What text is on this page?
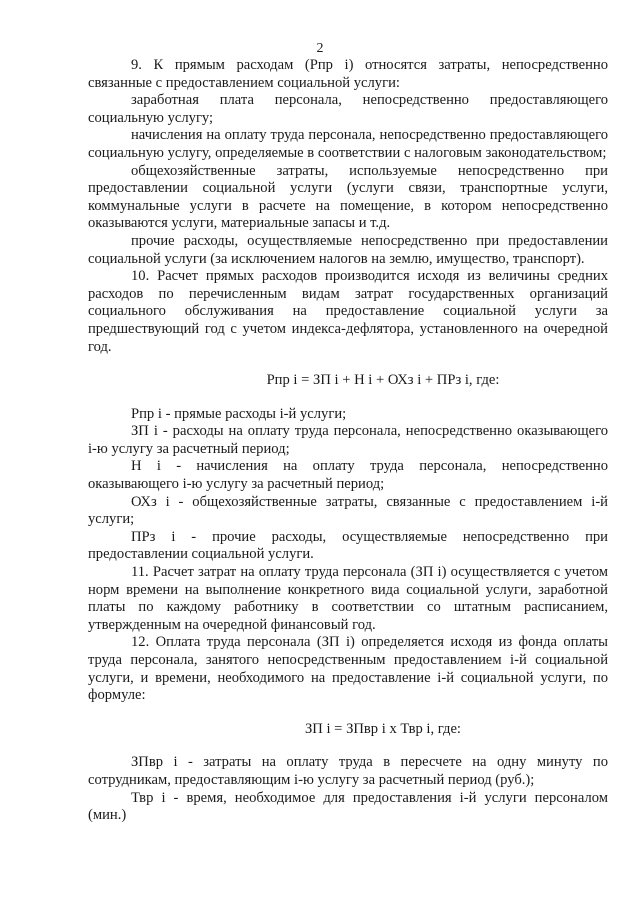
2

9. К прямым расходам (Рпр i) относятся затраты, непосредственно связанные с предоставлением социальной услуги:

заработная плата персонала, непосредственно предоставляющего социальную услугу;

начисления на оплату труда персонала, непосредственно предоставляющего социальную услугу, определяемые в соответствии с налоговым законодательством;

общехозяйственные затраты, используемые непосредственно при предоставлении социальной услуги (услуги связи, транспортные услуги, коммунальные услуги в расчете на помещение, в котором непосредственно оказываются услуги, материальные запасы и т.д.

прочие расходы, осуществляемые непосредственно при предоставлении социальной услуги (за исключением налогов на землю, имущество, транспорт).

10. Расчет прямых расходов производится исходя из величины средних расходов по перечисленным видам затрат государственных организаций социального обслуживания на предоставление социальной услуги за предшествующий год с учетом индекса-дефлятора, установленного на очередной год.

Рпр i = ЗП i + Н i + ОХз i + ПРз i, где:

Рпр i - прямые расходы i-й услуги;

ЗП i - расходы на оплату труда персонала, непосредственно оказывающего i-ю услугу за расчетный период;

Н i - начисления на оплату труда персонала, непосредственно оказывающего i-ю услугу за расчетный период;

ОХз i - общехозяйственные затраты, связанные с предоставлением i-й услуги;

ПРз i - прочие расходы, осуществляемые непосредственно при предоставлении социальной услуги.

11. Расчет затрат на оплату труда персонала (ЗП i) осуществляется с учетом норм времени на выполнение конкретного вида социальной услуги, заработной платы по каждому работнику в соответствии со штатным расписанием, утвержденным на очередной финансовый год.

12. Оплата труда персонала (ЗП i) определяется исходя из фонда оплаты труда персонала, занятого непосредственным предоставлением i-й социальной услуги, и времени, необходимого на предоставление i-й социальной услуги, по формуле:

ЗП i = ЗПвр i х Твр i, где:

ЗПвр i - затраты на оплату труда в пересчете на одну минуту по сотрудникам, предоставляющим i-ю услугу за расчетный период (руб.);

Твр i - время, необходимое для предоставления i-й услуги персоналом (мин.)
